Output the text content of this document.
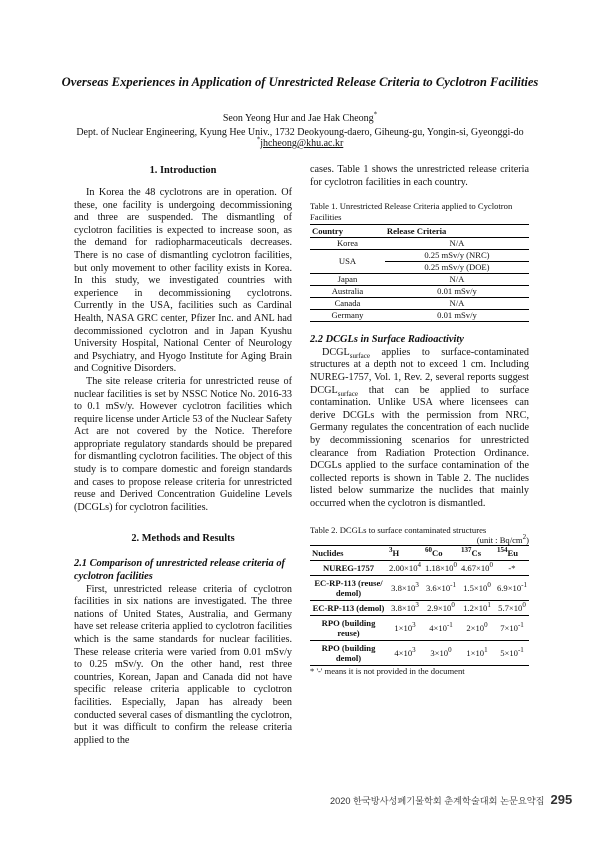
Overseas Experiences in Application of Unrestricted Release Criteria to Cyclotron Facilities
Seon Yeong Hur and Jae Hak Cheong*
Dept. of Nuclear Engineering, Kyung Hee Univ., 1732 Deokyoung-daero, Giheung-gu, Yongin-si, Gyeonggi-do
*jhcheong@khu.ac.kr
1. Introduction

In Korea the 48 cyclotrons are in operation. Of these, one facility is undergoing decommissioning and three are suspended. The dismantling of cyclotron facilities is expected to increase soon, as the demand for radiopharmaceuticals decreases. There is no case of dismantling cyclotron facilities, but only movement to other facility exists in Korea. In this study, we investigated countries with experience in decommissioning cyclotrons. Currently in the USA, facilities such as Cardinal Health, NASA GRC center, Pfizer Inc. and ANL had decommissioned cyclotron and in Japan Kyushu University Hospital, National Center of Neurology and Psychiatry, and Hyogo Institute for Aging Brain and Cognitive Disorders.

The site release criteria for unrestricted reuse of nuclear facilities is set by NSSC Notice No. 2016-33 to 0.1 mSv/y. However cyclotron facilities which require license under Article 53 of the Nuclear Safety Act are not covered by the Notice. Therefore appropriate regulatory standards should be prepared for dismantling cyclotron facilities. The object of this study is to compare domestic and foreign standards and cases to propose release criteria for unrestricted reuse and Derived Concentration Guideline Levels (DCGLs) for cyclotron facilities.

2. Methods and Results
2.1 Comparison of unrestricted release criteria of cyclotron facilities

First, unrestricted release criteria of cyclotron facilities in six nations are investigated. The three nations of United States, Australia, and Germany have set release criteria applied to cyclotron facilities which is the same standards for nuclear facilities. These release criteria were varied from 0.01 mSv/y to 0.25 mSv/y. On the other hand, rest three countries, Korean, Japan and Canada did not have specific release criteria applicable to cyclotron facilities. Especially, Japan has already been conducted several cases of dismantling the cyclotron, but it was difficult to confirm the release criteria applied to the

cases. Table 1 shows the unrestricted release criteria for cyclotron facilities in each country.

Table 1. Unrestricted Release Criteria applied to Cyclotron Facilities
Country	Release Criteria
Korea	N/A
USA	0.25 mSv/y (NRC)
	0.25 mSv/y (DOE)
Japan	N/A
Australia	0.01 mSv/y
Canada	N/A
Germany	0.01 mSv/y
2.2 DCGLs in Surface Radioactivity

$DCGL_{surface}$ applies to surface-contaminated structures at a depth not to exceed 1 cm. Including NUREG-1757, Vol. 1, Rev. 2, several reports suggest $DCGL_{surface}$ that can be applied to surface contamination. Unlike USA where licensees can derive DCGLs with the permission from NRC, Germany regulates the concentration of each nuclide by decommissioning scenarios for unrestricted clearance from Radiation Protection Ordinance. DCGLs applied to the surface contamination of the collected reports is shown in Table 2. The nuclides listed below summarize the nuclides that mainly occurred when the cyclotron is dismantled.

Table 2. DCGLs to surface contaminated structures
(unit : $Bq/cm^2$)
Nuclides	$^3$H	$^{60}$Co	$^{137}$Cs	$^{154}$Eu
NUREG-1757	$2.00\times 10^4$	$1.18\times 10^0$	$4.67\times 10^0$	-*
EC-RP-113 (reuse/ demol)	$3.8\times 10^3$	$3.6\times 10^{-1}$	$1.5\times 10^0$	$6.9\times 10^{-1}$
EC-RP-113 (demol)	$3.8\times 10^3$	$2.9\times 10^0$	$1.2\times 10^1$	$5.7\times 10^0$
RPO (building reuse)	$1\times 10^3$	$4\times 10^{-1}$	$2\times 10^0$	$7\times 10^{-1}$
RPO (building demol)	$4\times 10^3$	$3\times 10^0$	$1\times 10^1$	$5\times 10^{-1}$
* '-' means it is not provided in the document
2020 한국방사성폐기물학회 춘계학술대회 논문요약집 295
